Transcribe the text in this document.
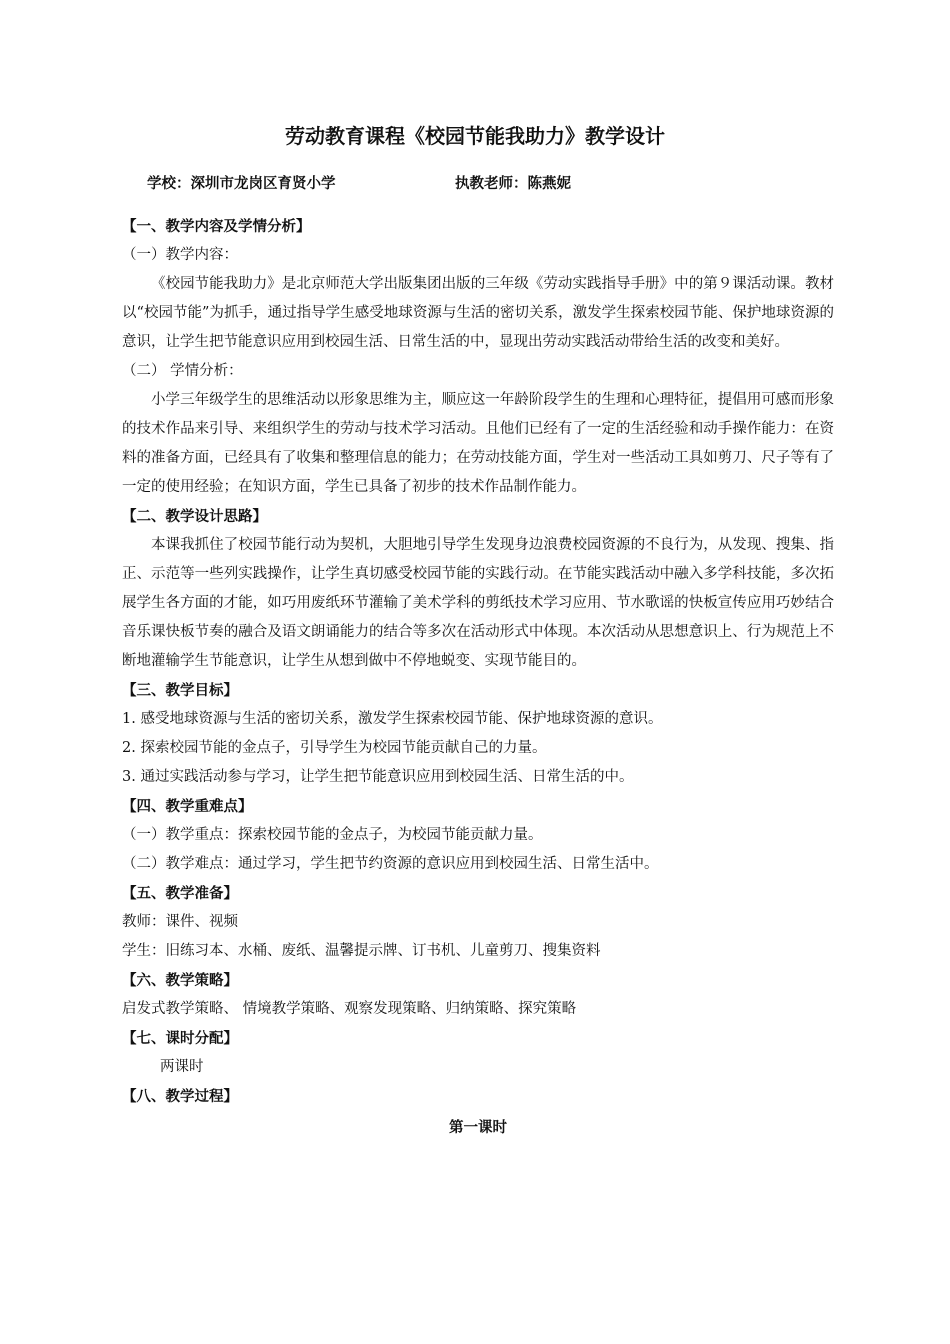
劳动教育课程《校园节能我助力》教学设计
学校：深圳市龙岗区育贤小学	执教老师：陈燕妮

【一、教学内容及学情分析】

（一）教学内容：

《校园节能我助力》是北京师范大学出版集团出版的三年级《劳动实践指导手册》中的第９课活动课。教材以“校园节能”为抓手，通过指导学生感受地球资源与生活的密切关系，激发学生探索校园节能、保护地球资源的意识，让学生把节能意识应用到校园生活、日常生活的中，显现出劳动实践活动带给生活的改变和美好。

（二） 学情分析：

小学三年级学生的思维活动以形象思维为主，顺应这一年龄阶段学生的生理和心理特征，提倡用可感而形象的技术作品来引导、来组织学生的劳动与技术学习活动。且他们已经有了一定的生活经验和动手操作能力：在资料的准备方面，已经具有了收集和整理信息的能力；在劳动技能方面，学生对一些活动工具如剪刀、尺子等有了一定的使用经验；在知识方面，学生已具备了初步的技术作品制作能力。

【二、教学设计思路】

本课我抓住了校园节能行动为契机，大胆地引导学生发现身边浪费校园资源的不良行为，从发现、搜集、指正、示范等一些列实践操作，让学生真切感受校园节能的实践行动。在节能实践活动中融入多学科技能，多次拓展学生各方面的才能，如巧用废纸环节灌输了美术学科的剪纸技术学习应用、节水歌谣的快板宣传应用巧妙结合音乐课快板节奏的融合及语文朗诵能力的结合等多次在活动形式中体现。本次活动从思想意识上、行为规范上不断地灌输学生节能意识，让学生从想到做中不停地蜕变、实现节能目的。

【三、教学目标】

1. 感受地球资源与生活的密切关系，激发学生探索校园节能、保护地球资源的意识。

2. 探索校园节能的金点子，引导学生为校园节能贡献自己的力量。

3. 通过实践活动参与学习，让学生把节能意识应用到校园生活、日常生活的中。

【四、教学重难点】

（一）教学重点：探索校园节能的金点子，为校园节能贡献力量。

（二）教学难点：通过学习，学生把节约资源的意识应用到校园生活、日常生活中。

【五、教学准备】

教师：课件、视频

学生：旧练习本、水桶、废纸、温馨提示牌、订书机、儿童剪刀、搜集资料

【六、教学策略】

启发式教学策略、 情境教学策略、观察发现策略、归纳策略、探究策略

【七、课时分配】

两课时

【八、教学过程】

第一课时
